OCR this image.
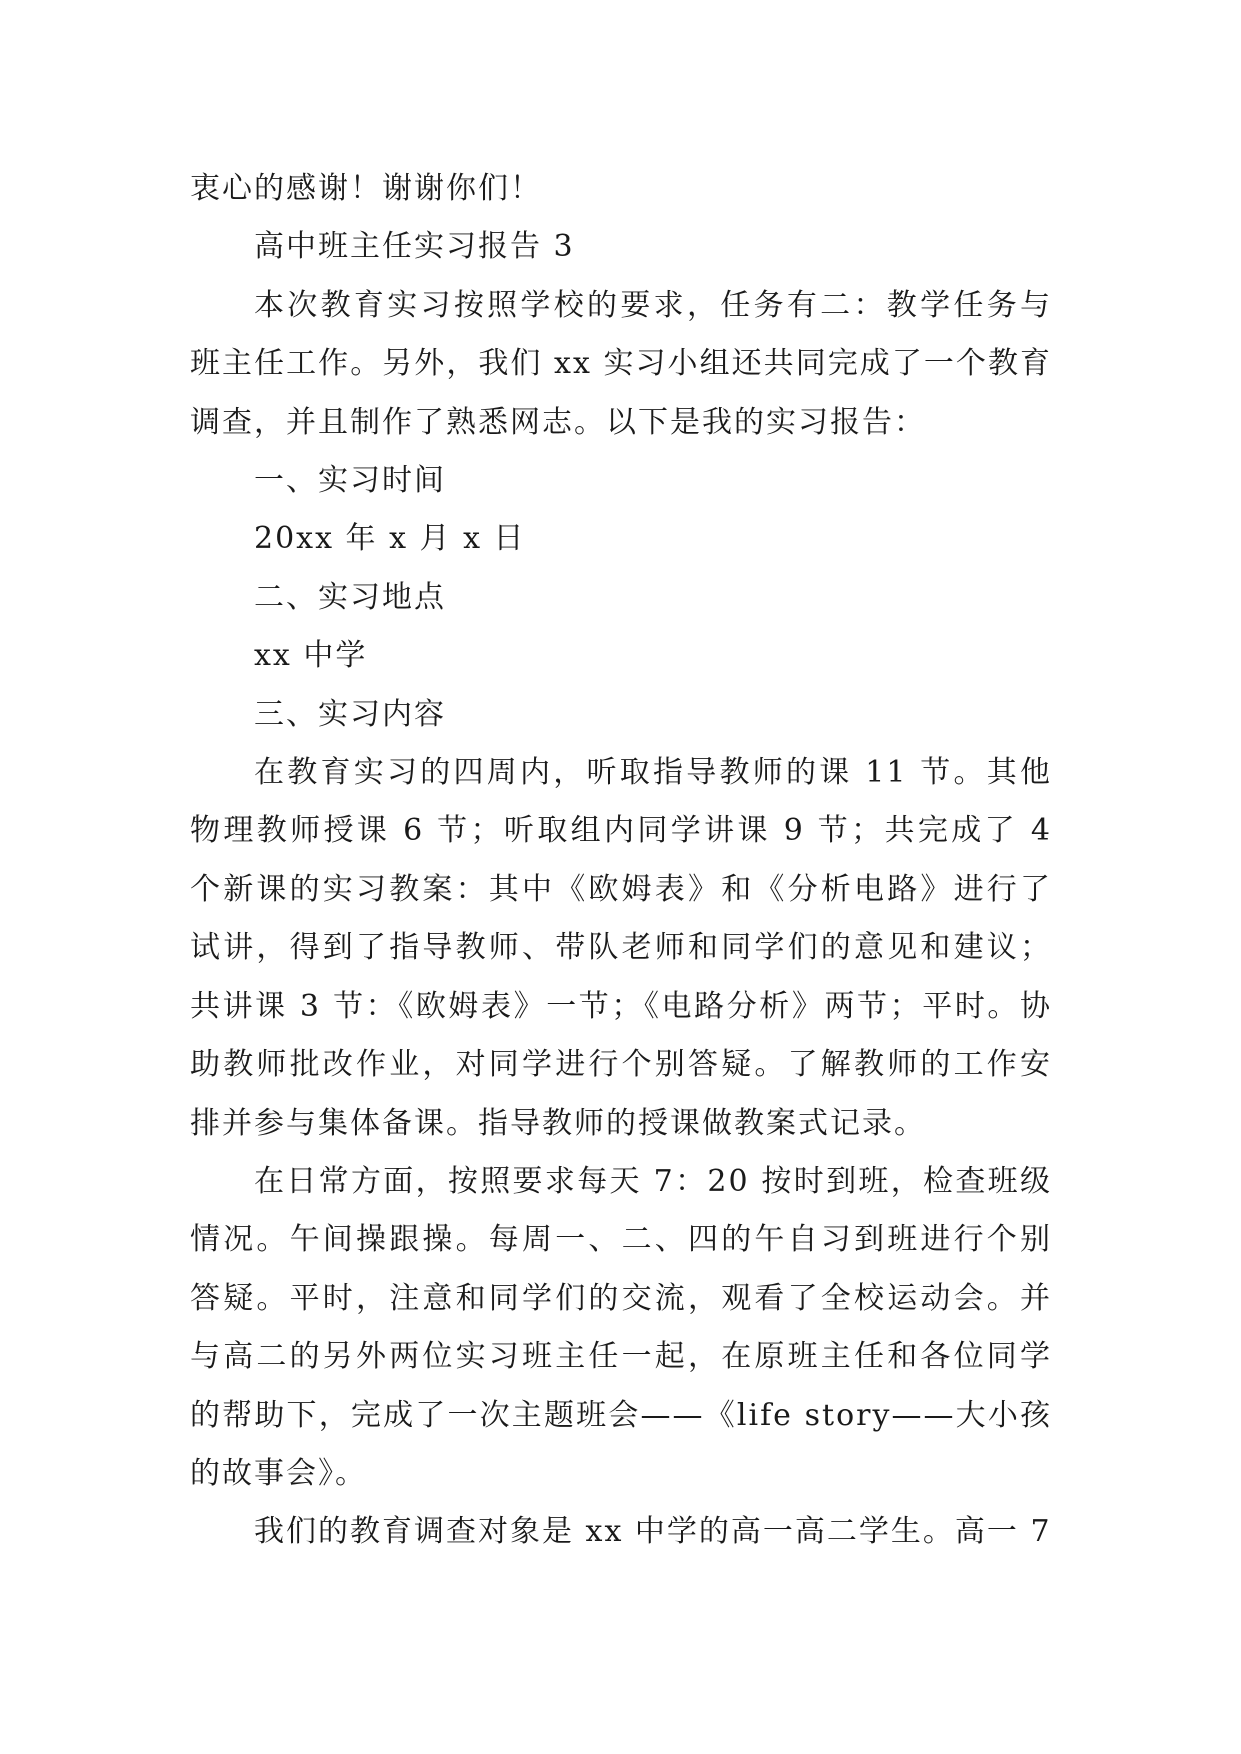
衷心的感谢！谢谢你们！

高中班主任实习报告 3

本次教育实习按照学校的要求，任务有二：教学任务与班主任工作。另外，我们 xx 实习小组还共同完成了一个教育调查，并且制作了熟悉网志。以下是我的实习报告：

一、实习时间

20xx 年 x 月 x 日

二、实习地点

xx 中学

三、实习内容

在教育实习的四周内，听取指导教师的课 11 节。其他物理教师授课 6 节；听取组内同学讲课 9 节；共完成了 4 个新课的实习教案：其中《欧姆表》和《分析电路》进行了试讲，得到了指导教师、带队老师和同学们的意见和建议；共讲课 3 节：《欧姆表》一节；《电路分析》两节；平时。协助教师批改作业，对同学进行个别答疑。了解教师的工作安排并参与集体备课。指导教师的授课做教案式记录。

在日常方面，按照要求每天 7：20 按时到班，检查班级情况。午间操跟操。每周一、二、四的午自习到班进行个别答疑。平时，注意和同学们的交流，观看了全校运动会。并与高二的另外两位实习班主任一起，在原班主任和各位同学的帮助下，完成了一次主题班会——《life story——大小孩的故事会》。

我们的教育调查对象是 xx 中学的高一高二学生。高一 7
